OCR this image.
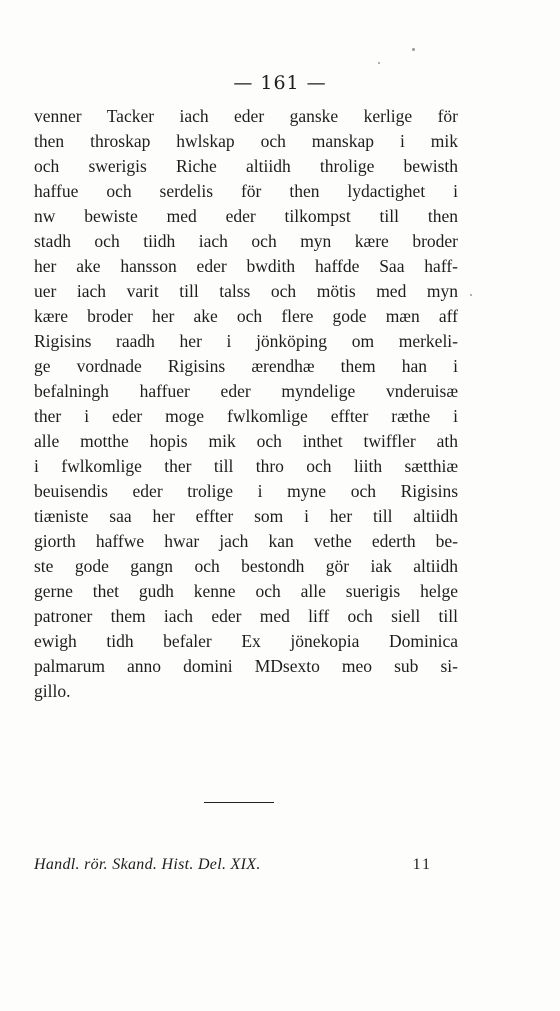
— 161 —
venner Tacker iach eder ganske kerlige för
then throskap hwlskap och manskap i mik
och swerigis Riche altiidh throlige bewisth
haffue och serdelis för then lydactighet i
nw bewiste med eder tilkompst till then
stadh och tiidh iach och myn kære broder
her ake hansson eder bwdith haffde Saa haff-
uer iach varit till talss och mötis med myn
kære broder her ake och flere gode mæn aff
Rigisins raadh her i jönköping om merkeli-
ge vordnade Rigisins ærendhæ them han i
befalningh haffuer eder myndelige vnderuisæ
ther i eder moge fwlkomlige effter ræthe i
alle motthe hopis mik och inthet twiffler ath
i fwlkomlige ther till thro och liith sætthiæ
beuisendis eder trolige i myne och Rigisins
tiæniste saa her effter som i her till altiidh
giorth haffwe hwar jach kan vethe ederth be-
ste gode gangn och bestondh gör iak altiidh
gerne thet gudh kenne och alle suerigis helge
patroner them iach eder med liff och siell till
ewigh tidh befaler Ex jönekopia Dominica
palmarum anno domini MDsexto meo sub si-
gillo.
Handl. rör. Skand. Hist. Del. XIX.	11
